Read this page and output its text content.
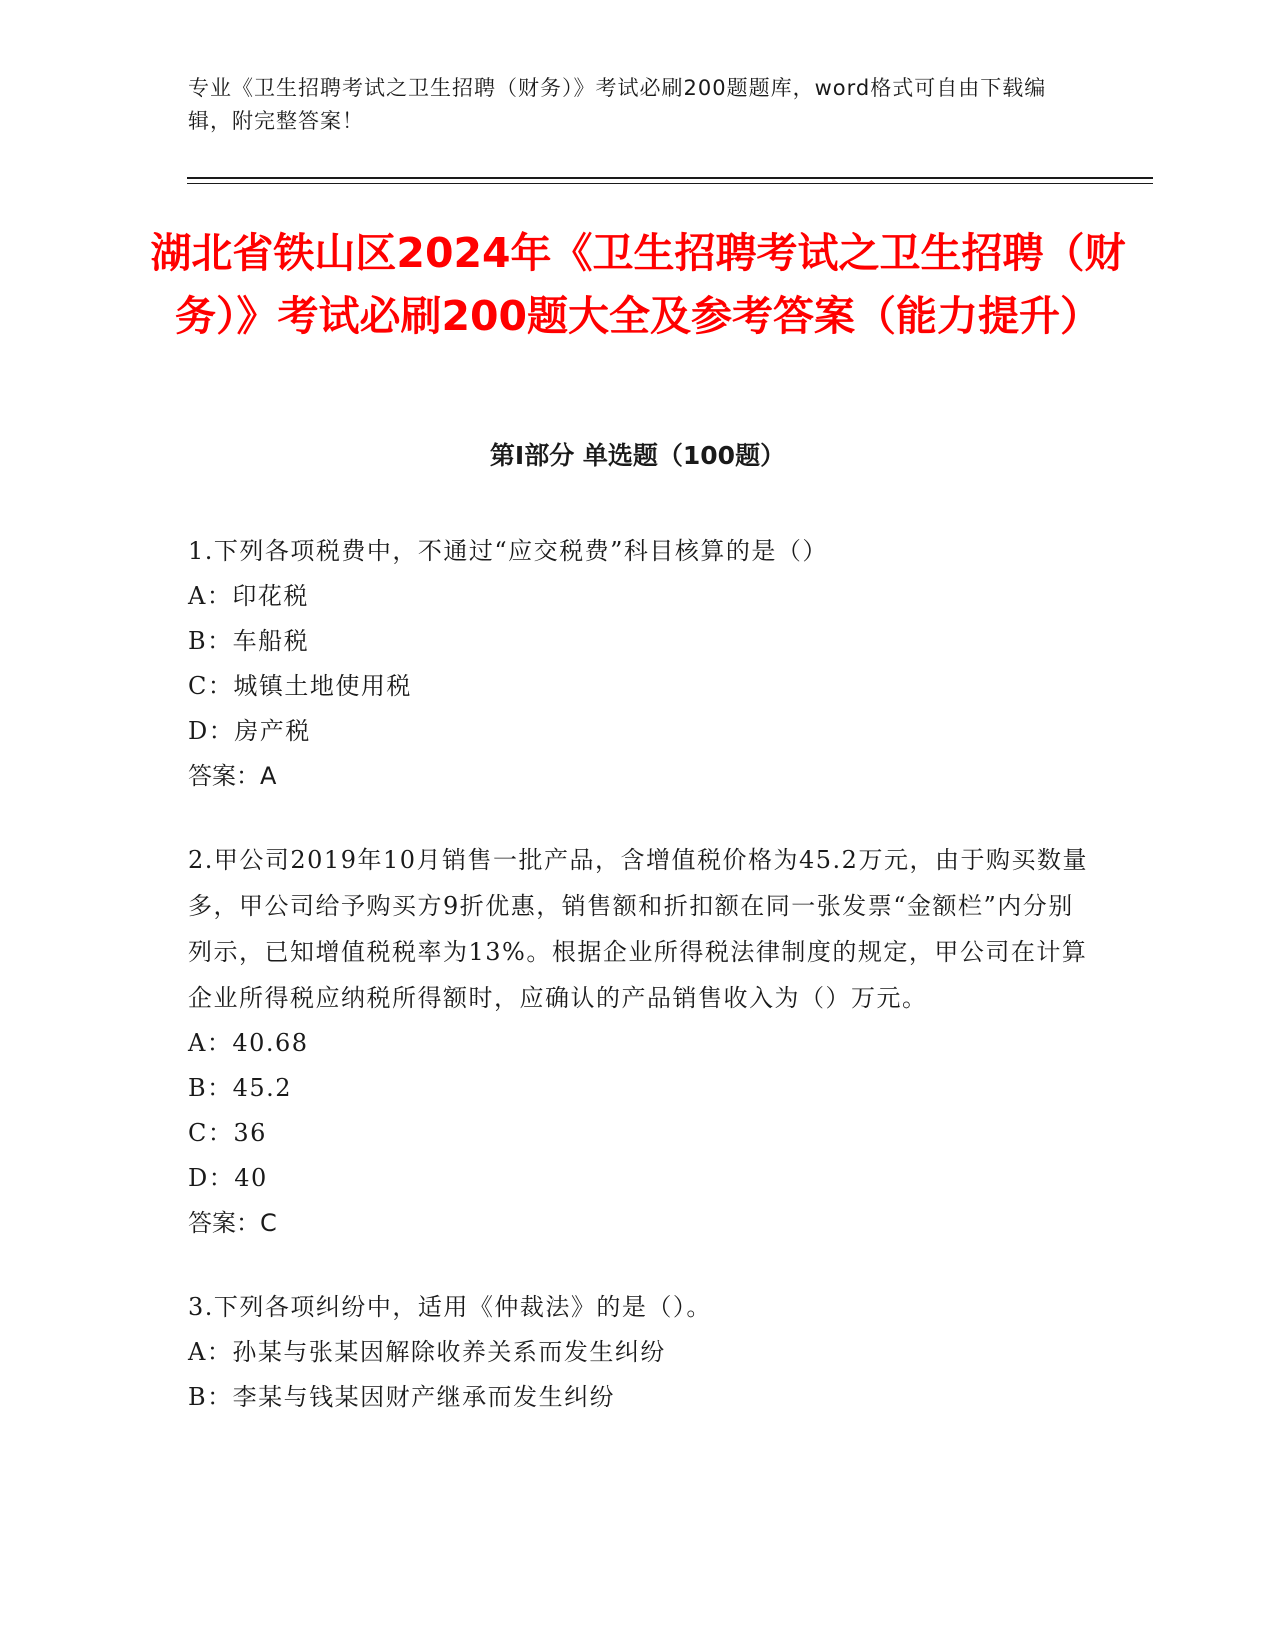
专业《卫生招聘考试之卫生招聘（财务）》考试必刷200题题库，word格式可自由下载编辑，附完整答案！
湖北省铁山区2024年《卫生招聘考试之卫生招聘（财务）》考试必刷200题大全及参考答案（能力提升）
第Ⅰ部分 单选题（100题）
1.下列各项税费中，不通过“应交税费”科目核算的是（）
A：印花税
B：车船税
C：城镇土地使用税
D：房产税
答案：A
2.甲公司2019年10月销售一批产品，含增值税价格为45.2万元，由于购买数量多，甲公司给予购买方9折优惠，销售额和折扣额在同一张发票“金额栏”内分别列示，已知增值税税率为13%。根据企业所得税法律制度的规定，甲公司在计算企业所得税应纳税所得额时，应确认的产品销售收入为（）万元。
A：40.68
B：45.2
C：36
D：40
答案：C
3.下列各项纠纷中，适用《仲裁法》的是（）。
A：孙某与张某因解除收养关系而发生纠纷
B：李某与钱某因财产继承而发生纠纷
